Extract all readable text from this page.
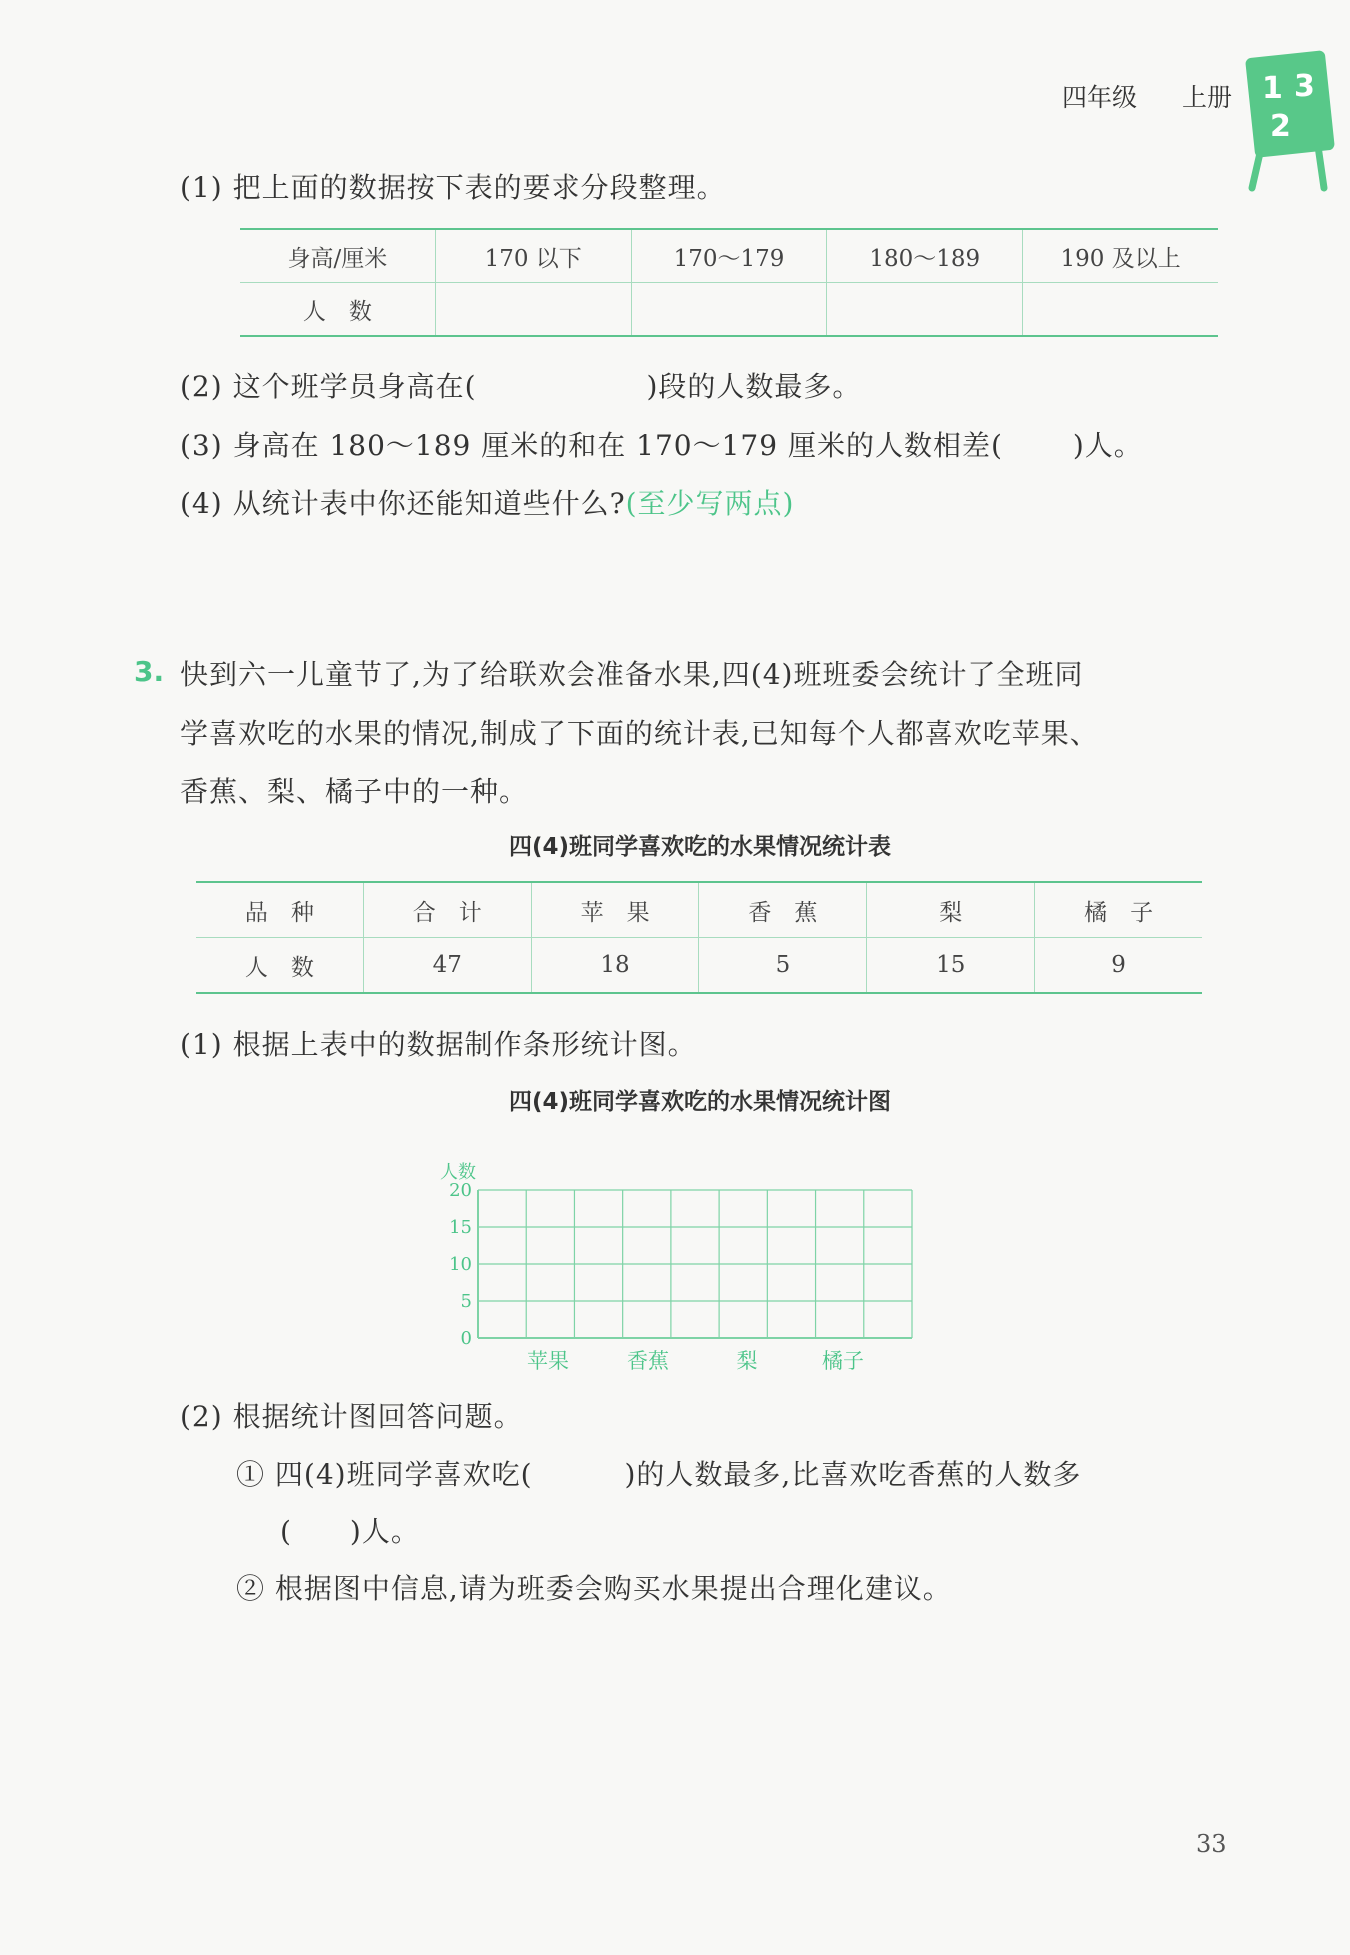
四年级 上册 1 3
2
(1) 把上面的数据按下表的要求分段整理。
身高/厘米	170 以下	170～179	180～189	190 及以上
人　数				
(2) 这个班学员身高在(	)段的人数最多。
(3) 身高在 180～189 厘米的和在 170～179 厘米的人数相差(	)人。
(4) 从统计表中你还能知道些什么?(至少写两点)
3. 快到六一儿童节了,为了给联欢会准备水果,四(4)班班委会统计了全班同
学喜欢吃的水果的情况,制成了下面的统计表,已知每个人都喜欢吃苹果、
香蕉、梨、橘子中的一种。
四(4)班同学喜欢吃的水果情况统计表
品　种	合　计	苹　果	香　蕉	梨	橘　子
人　数	47	18	5	15	9
(1) 根据上表中的数据制作条形统计图。
四(4)班同学喜欢吃的水果情况统计图
人数
20
15
10
5
0
苹果	香蕉	梨	橘子
(2) 根据统计图回答问题。
① 四(4)班同学喜欢吃(	)的人数最多,比喜欢吃香蕉的人数多
(　　)人。
② 根据图中信息,请为班委会购买水果提出合理化建议。
33
